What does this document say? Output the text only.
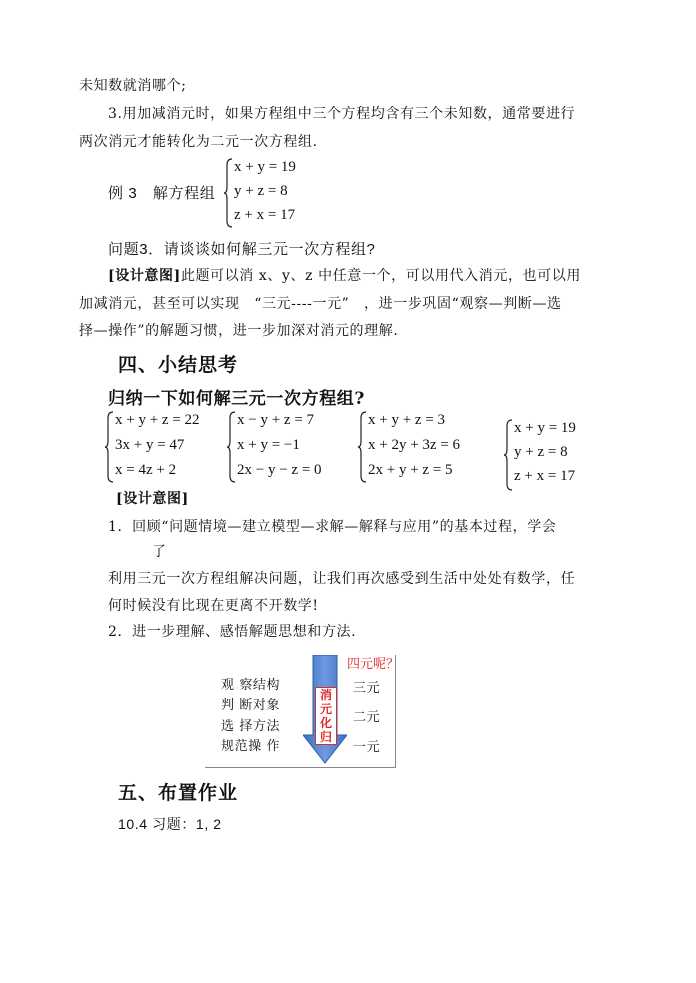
未知数就消哪个;
3.用加减消元时，如果方程组中三个方程均含有三个未知数，通常要进行
两次消元才能转化为二元一次方程组.
例 3　解方程组
x + y = 19
y + z = 8
z + x = 17
问题3．请谈谈如何解三元一次方程组?
[设计意图]此题可以消 x、y、z 中任意一个，可以用代入消元，也可以用
加减消元，甚至可以实现　“三元----一元”　，进一步巩固“观察—判断—选
择—操作”的解题习惯，进一步加深对消元的理解.
四、小结思考
归纳一下如何解三元一次方程组?
x + y + z = 22
3x + y = 47
x = 4z + 2
x − y + z = 7
x + y = −1
2x − y − z = 0
x + y + z = 3
x + 2y + 3z = 6
2x + y + z = 5
x + y = 19
y + z = 8
z + x = 17
[设计意图]
1．回顾“问题情境—建立模型—求解—解释与应用”的基本过程，学会
了
利用三元一次方程组解决问题，让我们再次感受到生活中处处有数学，任
何时候没有比现在更离不开数学!
2．进一步理解、感悟解题思想和方法.
观 察结构
判 断对象
选 择方法
规范操 作
消
元
化
归
四元呢？
三元
二元
一元
五、布置作业
10.4 习题：1, 2
